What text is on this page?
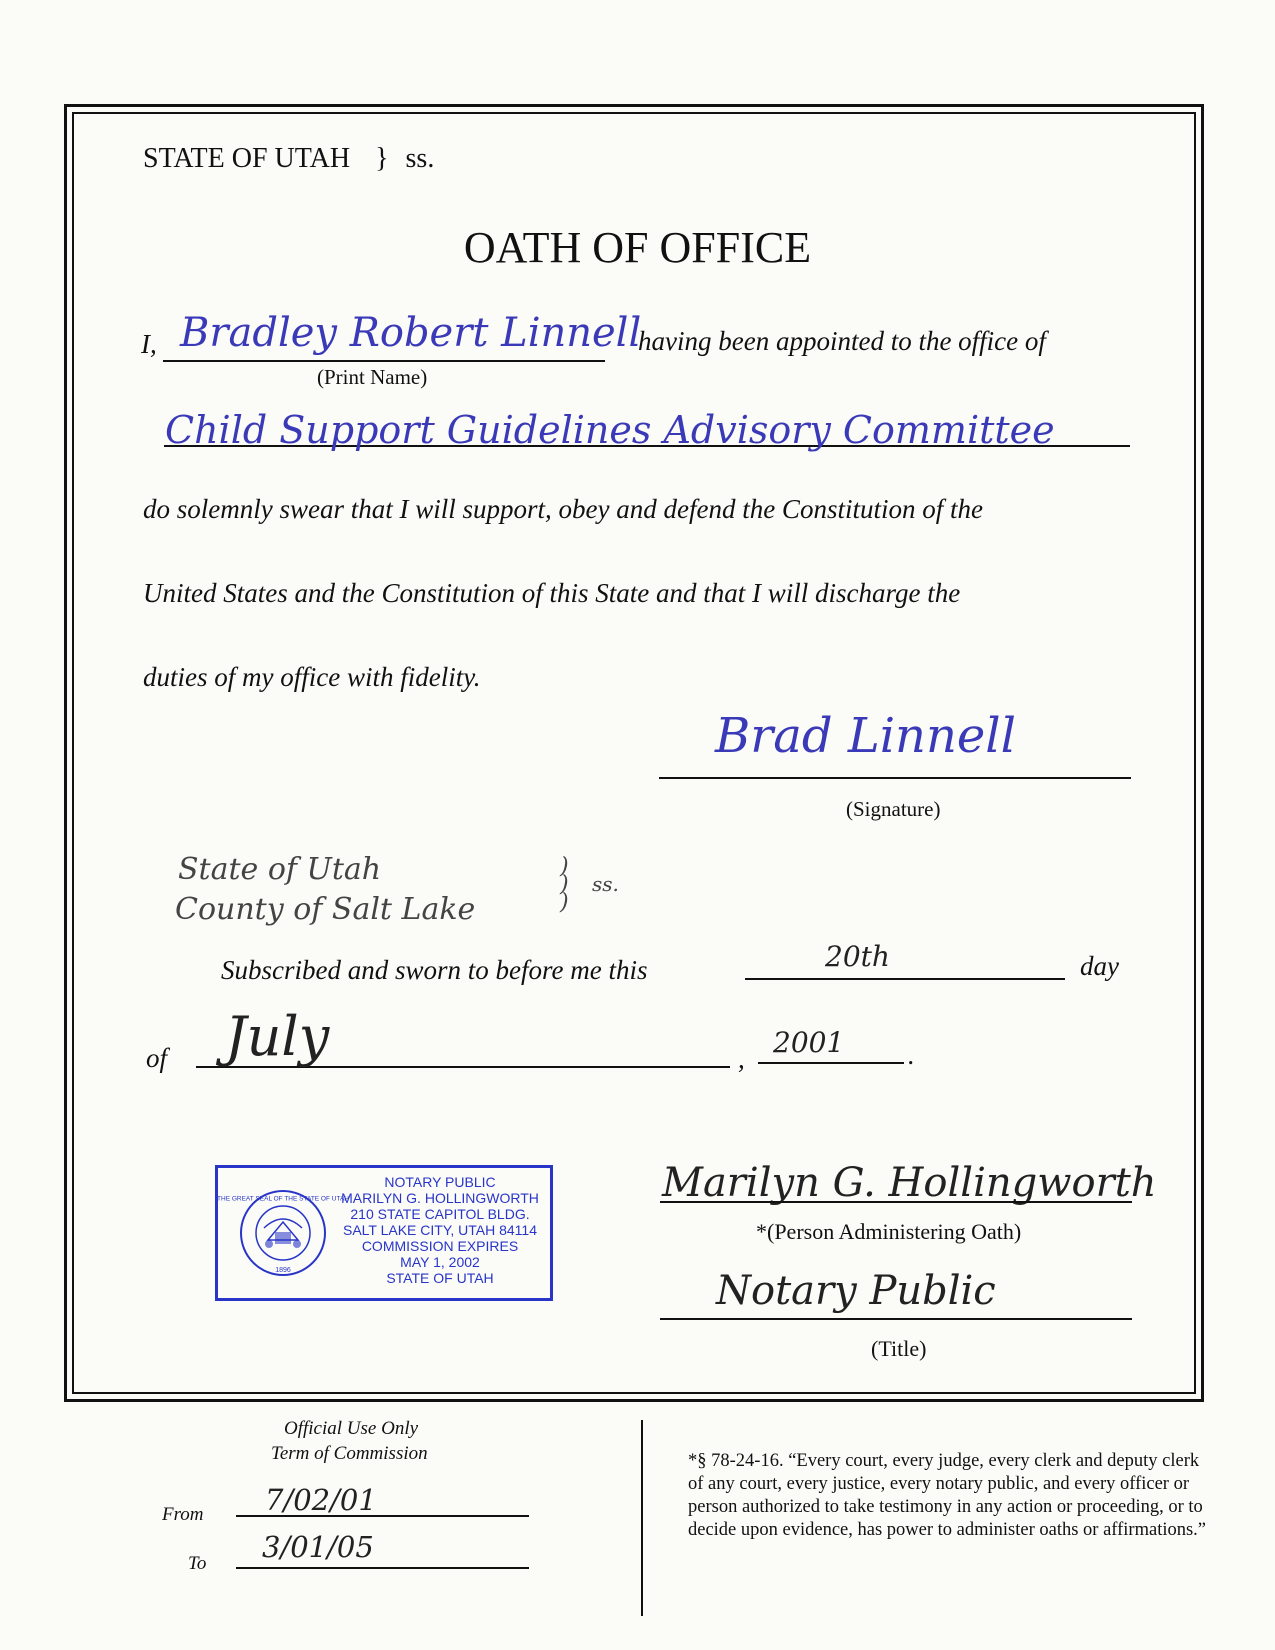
STATE OF UTAH } ss.
OATH OF OFFICE
I, Bradley Robert Linnell
(Print Name)
having been appointed to the office of
Child Support Guidelines Advisory Committee
do solemnly swear that I will support, obey and defend the Constitution of the
United States and the Constitution of this State and that I will discharge the
duties of my office with fidelity.
Brad Linnell
(Signature)
State of Utah
County of Salt Lake
)
)
)
ss.
Subscribed and sworn to before me this	20th	day
of July	, 2001 .
THE GREAT SEAL OF THE STATE OF UTAH
1896
NOTARY PUBLIC
MARILYN G. HOLLINGWORTH
210 STATE CAPITOL BLDG.
SALT LAKE CITY, UTAH 84114
COMMISSION EXPIRES
MAY 1, 2002
STATE OF UTAH
Marilyn G. Hollingworth
*(Person Administering Oath)
Notary Public
(Title)
Official Use Only
Term of Commission
From 7/02/01
To 3/01/05
*§ 78-24-16. “Every court, every judge, every clerk and deputy clerk of any court, every justice, every notary public, and every officer or person authorized to take testimony in any action or proceeding, or to decide upon evidence, has power to administer oaths or affirmations.”
